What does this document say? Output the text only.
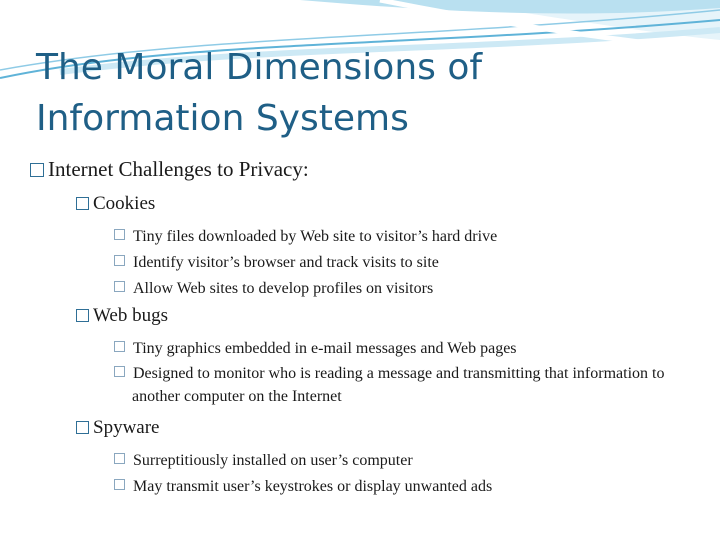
The Moral Dimensions of Information Systems
Internet Challenges to Privacy:
Cookies
Tiny files downloaded by Web site to visitor’s hard drive
Identify visitor’s browser and track visits to site
Allow Web sites to develop profiles on visitors
Web bugs
Tiny graphics embedded in e-mail messages and Web pages
Designed to monitor who is reading a message and transmitting that information to another computer on the Internet
Spyware
Surreptitiously installed on user’s computer
May transmit user’s keystrokes or display unwanted ads
